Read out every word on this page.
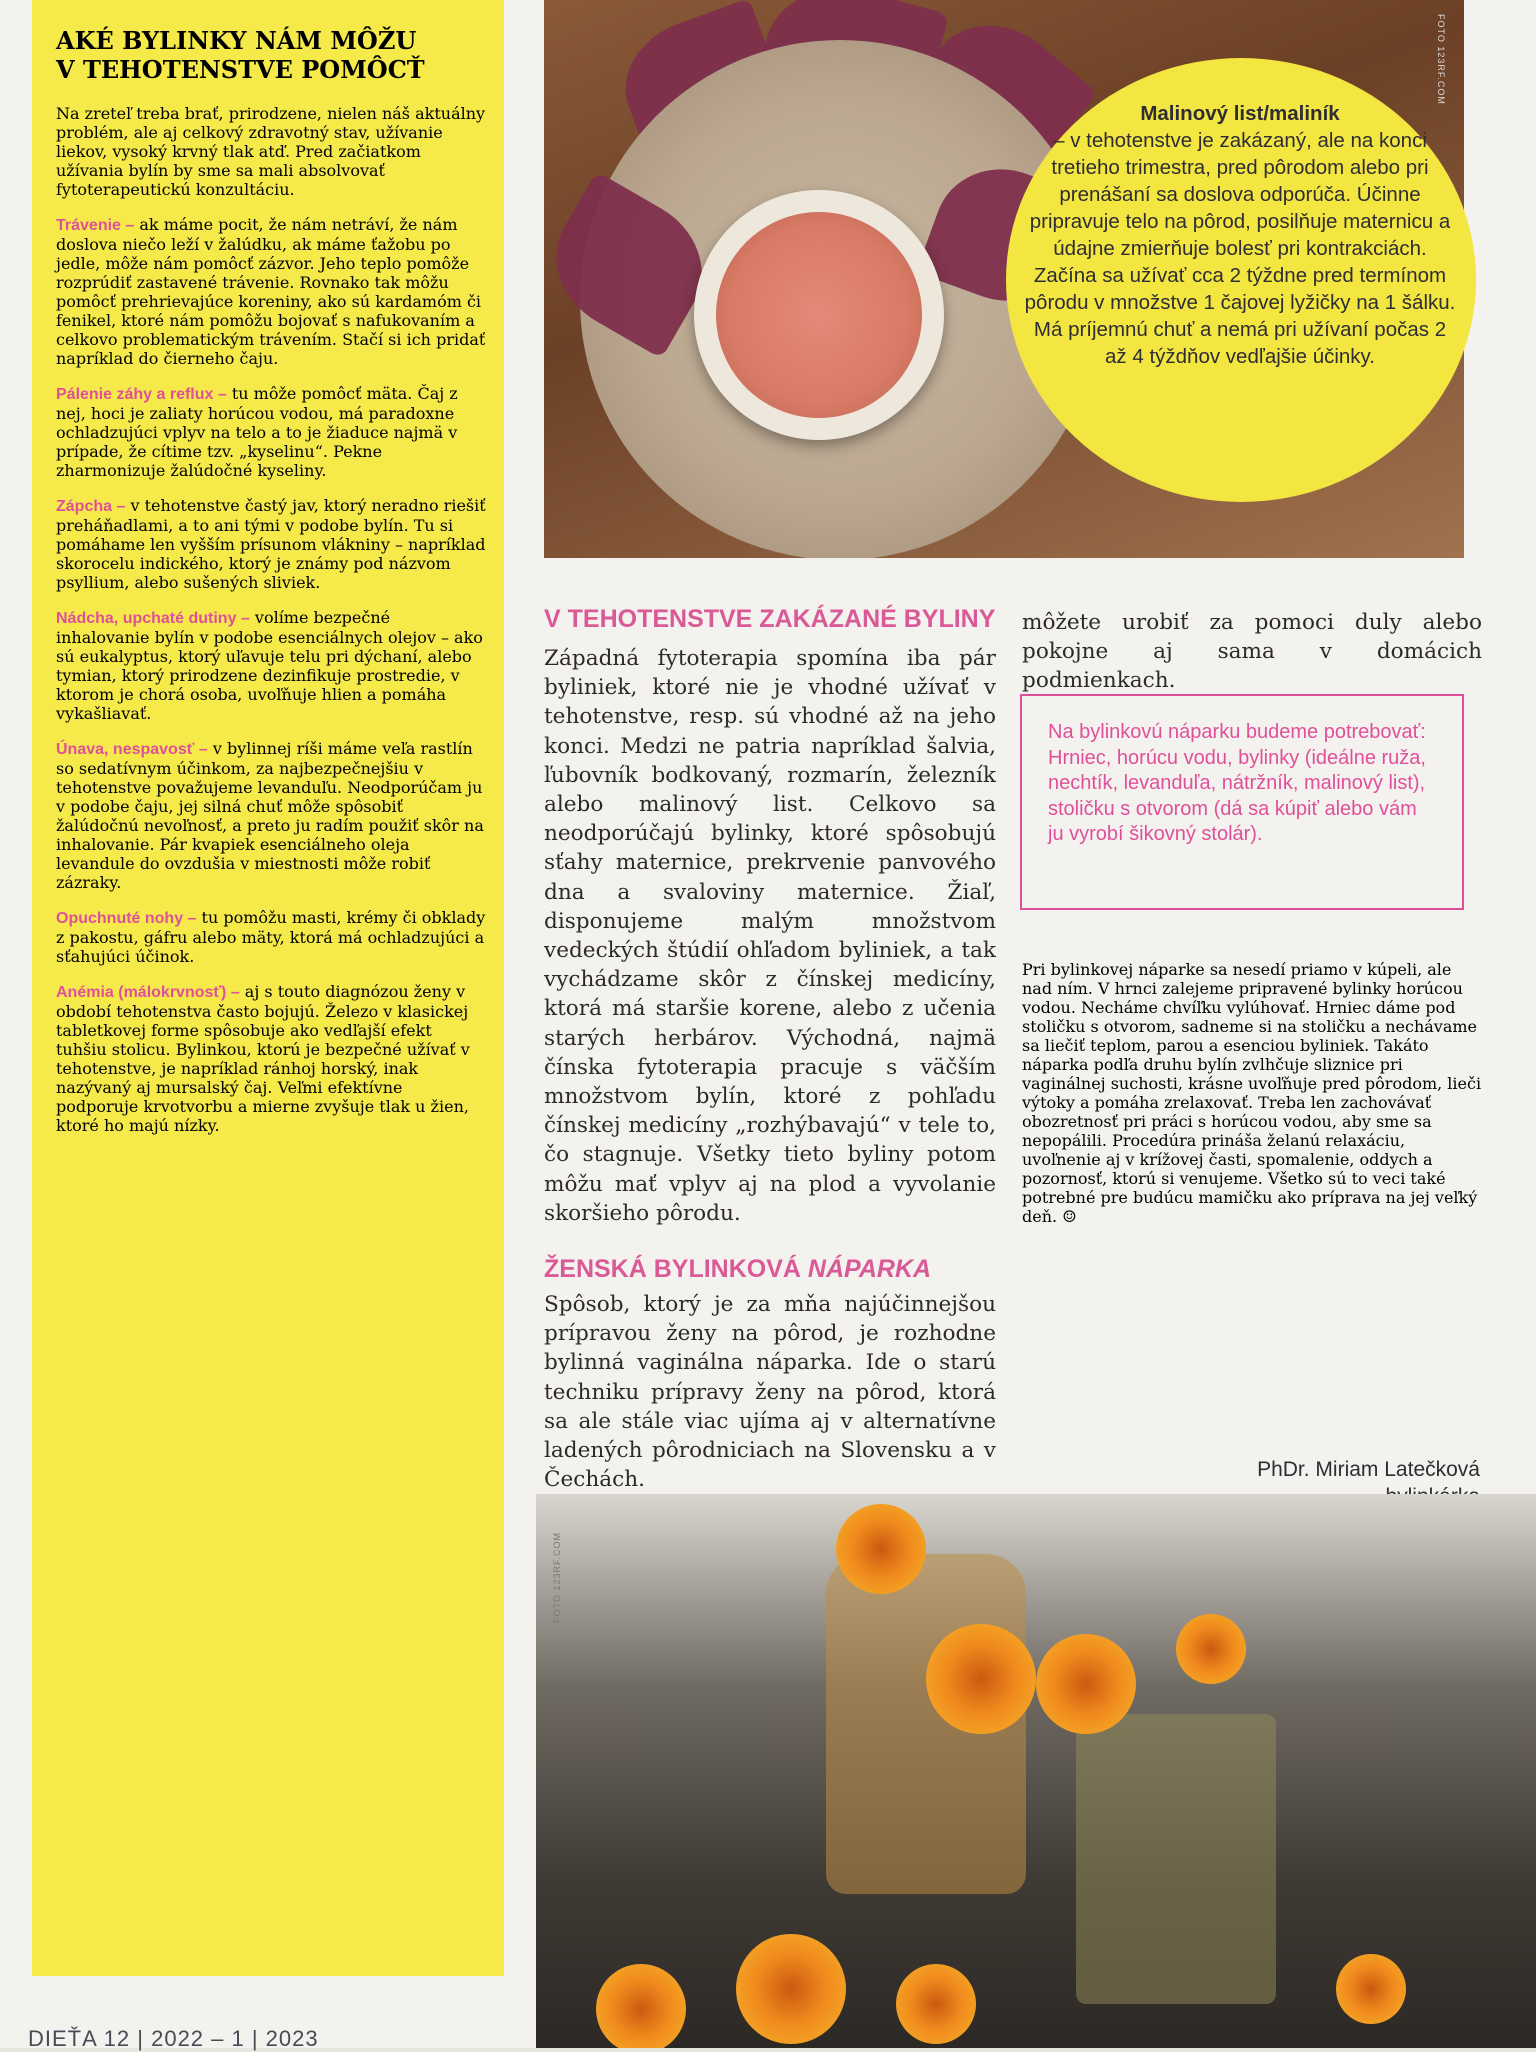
AKÉ BYLINKY NÁM MÔŽU
V TEHOTENSTVE POMÔCŤ

Na zreteľ treba brať, prirodzene, nielen náš aktuálny problém, ale aj celkový zdravotný stav, užívanie liekov, vysoký krvný tlak atď. Pred začiatkom užívania bylín by sme sa mali absolvovať fytoterapeutickú konzultáciu.

Trávenie – ak máme pocit, že nám netráví, že nám doslova niečo leží v žalúdku, ak máme ťažobu po jedle, môže nám pomôcť zázvor. Jeho teplo pomôže rozprúdiť zastavené trávenie. Rovnako tak môžu pomôcť prehrievajúce koreniny, ako sú kardamóm či fenikel, ktoré nám pomôžu bojovať s nafukovaním a celkovo problematickým trávením. Stačí si ich pridať napríklad do čierneho čaju.

Pálenie záhy a reflux – tu môže pomôcť mäta. Čaj z nej, hoci je zaliaty horúcou vodou, má paradoxne ochladzujúci vplyv na telo a to je žiaduce najmä v prípade, že cítime tzv. „kyselinu“. Pekne zharmonizuje žalúdočné kyseliny.

Zápcha – v tehotenstve častý jav, ktorý neradno riešiť preháňadlami, a to ani tými v podobe bylín. Tu si pomáhame len vyšším prísunom vlákniny – napríklad skorocelu indického, ktorý je známy pod názvom psyllium, alebo sušených sliviek.

Nádcha, upchaté dutiny – volíme bezpečné inhalovanie bylín v podobe esenciálnych olejov – ako sú eukalyptus, ktorý uľavuje telu pri dýchaní, alebo tymian, ktorý prirodzene dezinfikuje prostredie, v ktorom je chorá osoba, uvoľňuje hlien a pomáha vykašliavať.

Únava, nespavosť – v bylinnej ríši máme veľa rastlín so sedatívnym účinkom, za najbezpečnejšiu v tehotenstve považujeme levanduľu. Neodporúčam ju v podobe čaju, jej silná chuť môže spôsobiť žalúdočnú nevoľnosť, a preto ju radím použiť skôr na inhalovanie. Pár kvapiek esenciálneho oleja levandule do ovzdušia v miestnosti môže robiť zázraky.

Opuchnuté nohy – tu pomôžu masti, krémy či obklady z pakostu, gáfru alebo mäty, ktorá má ochladzujúci a sťahujúci účinok.

Anémia (málokrvnosť) – aj s touto diagnózou ženy v období tehotenstva často bojujú. Železo v klasickej tabletkovej forme spôsobuje ako vedľajší efekt tuhšiu stolicu. Bylinkou, ktorú je bezpečné užívať v tehotenstve, je napríklad ránhoj horský, inak nazývaný aj mursalský čaj. Veľmi efektívne podporuje krvotvorbu a mierne zvyšuje tlak u žien, ktoré ho majú nízky.

FOTO 123RF.COM
Malinový list/maliník
– v tehotenstve je zakázaný, ale na konci tretieho trimestra, pred pôrodom alebo pri prenášaní sa doslova odporúča. Účinne pripravuje telo na pôrod, posilňuje maternicu a údajne zmierňuje bolesť pri kontrakciách. Začína sa užívať cca 2 týždne pred termínom pôrodu v množstve 1 čajovej lyžičky na 1 šálku. Má príjemnú chuť a nemá pri užívaní počas 2 až 4 týždňov vedľajšie účinky.
V TEHOTENSTVE ZAKÁZANÉ BYLINY

Západná fytoterapia spomína iba pár byliniek, ktoré nie je vhodné užívať v tehotenstve, resp. sú vhodné až na jeho konci. Medzi ne patria napríklad šalvia, ľubovník bodkovaný, rozmarín, železník alebo malinový list. Celkovo sa neodporúčajú bylinky, ktoré spôsobujú sťahy maternice, prekrvenie panvového dna a svaloviny maternice. Žiaľ, disponujeme malým množstvom vedeckých štúdií ohľadom byliniek, a tak vychádzame skôr z čínskej medicíny, ktorá má staršie korene, alebo z učenia starých herbárov. Východná, najmä čínska fytoterapia pracuje s väčším množstvom bylín, ktoré z pohľadu čínskej medicíny „rozhýbavajú“ v tele to, čo stagnuje. Všetky tieto byliny potom môžu mať vplyv aj na plod a vyvolanie skoršieho pôrodu.

ŽENSKÁ BYLINKOVÁ NÁPARKA

Spôsob, ktorý je za mňa najúčinnejšou prípravou ženy na pôrod, je rozhodne bylinná vaginálna náparka. Ide o starú techniku prípravy ženy na pôrod, ktorá sa ale stále viac ujíma aj v alternatívne ladených pôrodniciach na Slovensku a v Čechách.

môžete urobiť za pomoci duly alebo pokojne aj sama v domácich podmienkach.

Na bylinkovú náparku budeme potrebovať:
Hrniec, horúcu vodu, bylinky (ideálne ruža, nechtík, levanduľa, nátržník, malinový list), stoličku s otvorom (dá sa kúpiť alebo vám ju vyrobí šikovný stolár).

Pri bylinkovej náparke sa nesedí priamo v kúpeli, ale nad ním. V hrnci zalejeme pripravené bylinky horúcou vodou. Necháme chvíľku vylúhovať. Hrniec dáme pod stoličku s otvorom, sadneme si na stoličku a nechávame sa liečiť teplom, parou a esenciou byliniek. Takáto náparka podľa druhu bylín zvlhčuje sliznice pri vaginálnej suchosti, krásne uvoľňuje pred pôrodom, lieči výtoky a pomáha zrelaxovať. Treba len zachovávať obozretnosť pri práci s horúcou vodou, aby sme sa nepopálili. Procedúra prináša želanú relaxáciu, uvoľnenie aj v krížovej časti, spomalenie, oddych a pozornosť, ktorú si venujeme. Všetko sú to veci také potrebné pre budúcu mamičku ako príprava na jej veľký deň. ☺

PhDr. Miriam Latečková
FOTO 123RF.COM
DIEŤA 12 | 2022 – 1 | 2023
